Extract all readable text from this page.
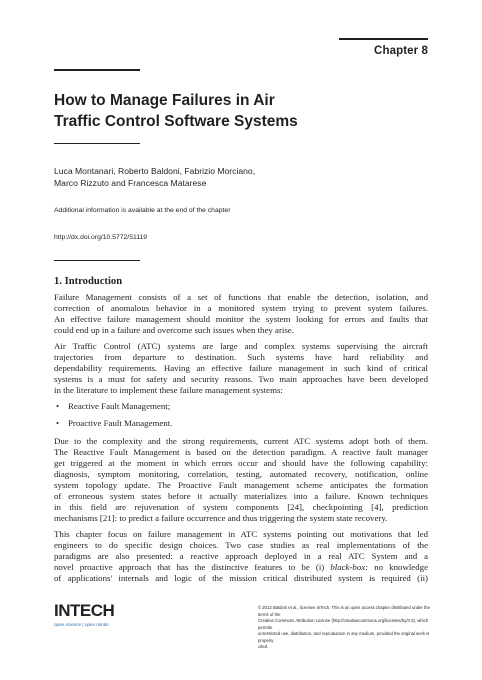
Chapter 8
How to Manage Failures in Air
Traffic Control Software Systems
Luca Montanari, Roberto Baldoni, Fabrizio Morciano,
Marco Rizzuto and Francesca Matarese
Additional information is available at the end of the chapter
http://dx.doi.org/10.5772/51119
1. Introduction

Failure Management consists of a set of functions that enable the detection, isolation, and
correction of anomalous behavior in a monitored system trying to prevent system failures.
An effective failure management should monitor the system looking for errors and faults that
could end up in a failure and overcome such issues when they arise.

Air Traffic Control (ATC) systems are large and complex systems supervising the aircraft
trajectories from departure to destination. Such systems have hard reliability and
dependability requirements. Having an effective failure management in such kind of critical
systems is a must for safety and security reasons. Two main approaches have been developed
in the literature to implement these failure management systems:

• Reactive Fault Management;
• Proactive Fault Management.

Due to the complexity and the strong requirements, current ATC systems adopt both of them.
The Reactive Fault Management is based on the detection paradigm. A reactive fault manager
get triggered at the moment in which errors occur and should have the following capability:
diagnosis, symptom monitoring, correlation, testing, automated recovery, notification, online
system topology update. The Proactive Fault management scheme anticipates the formation
of erroneous system states before it actually materializes into a failure. Known techniques
in this field are rejuvenation of system components [24], checkpointing [4], prediction
mechanisms [21]: to predict a failure occurrence and thus triggering the system state recovery.

This chapter focus on failure management in ATC systems pointing out motivations that led
engineers to do specific design choices. Two case studies as real implementations of the
paradigms are also presented: a reactive approach deployed in a real ATC System and a
novel proactive approach that has the distinctive features to be (i) black-box: no knowledge
of applications' internals and logic of the mission critical distributed system is required (ii)

INTECH
open science | open minds
© 2012 Baldoni et al., licensee InTech. This is an open access chapter distributed under the terms of the
Creative Commons Attribution License (http://creativecommons.org/licenses/by/3.0), which permits
unrestricted use, distribution, and reproduction in any medium, provided the original work is properly
cited.
